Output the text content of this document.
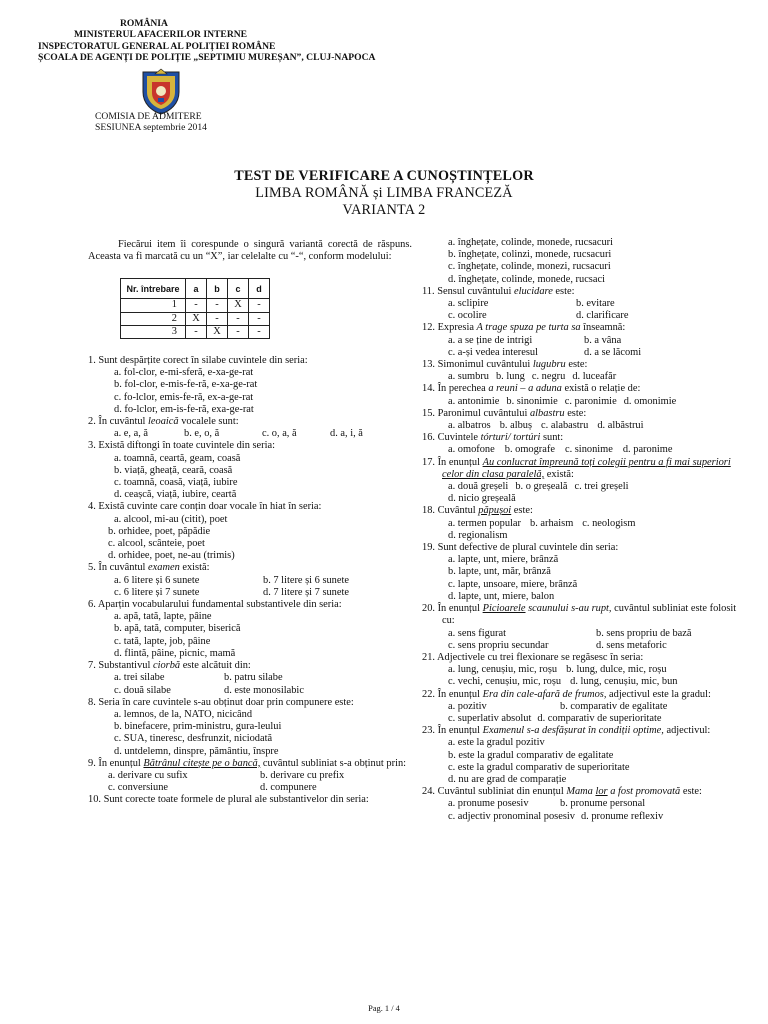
ROMÂNIA
MINISTERUL AFACERILOR INTERNE
INSPECTORATUL GENERAL AL POLIȚIEI ROMÂNE
ȘCOALA DE AGENȚI DE POLIȚIE „SEPTIMIU MUREȘAN”, CLUJ-NAPOCA
COMISIA DE ADMITERE
SESIUNEA septembrie 2014
TEST DE VERIFICARE A CUNOȘTINȚELOR
LIMBA ROMÂNĂ și LIMBA FRANCEZĂ
VARIANTA 2

Fiecărui item îi corespunde o singură variantă corectă de răspuns. Aceasta va fi marcată cu un “X”, iar celelalte cu “-“, conform modelului:

Nr. întrebare	a	b	c	d
1	-	-	X	-
2	X	-	-	-
3	-	X	-	-
1. Sunt despărțite corect în silabe cuvintele din seria:
a. fol-clor, e-mi-sferă, e-xa-ge-rat
b. fol-clor, e-mis-fe-ră, e-xa-ge-rat
c. fo-lclor, emis-fe-ră, ex-a-ge-rat
d. fo-lclor, em-is-fe-ră, exa-ge-rat
2. În cuvântul leoaică vocalele sunt:
a. e, a, ă	b. e, o, ă	c. o, a, ă	d. a, i, ă
3. Există diftongi în toate cuvintele din seria:
a. toamnă, ceartă, geam, coasă
b. viață, gheață, ceară, coasă
c. toamnă, coasă, viață, iubire
d. ceașcă, viață, iubire, ceartă
4. Există cuvinte care conțin doar vocale în hiat în seria:
a. alcool, mi-au (citit), poet
b. orhidee, poet, păpădie
c. alcool, scânteie, poet
d. orhidee, poet, ne-au (trimis)
5. În cuvântul examen există:
a. 6 litere și 6 sunete	b. 7 litere și 6 sunete
c. 6 litere și 7 sunete	d. 7 litere și 7 sunete
6. Aparțin vocabularului fundamental substantivele din seria:
a. apă, tată, lapte, pâine
b. apă, tată, computer, biserică
c. tată, lapte, job, pâine
d. flintă, pâine, picnic, mamă
7. Substantivul ciorbă este alcătuit din:
a. trei silabe	b. patru silabe
c. două silabe	d. este monosilabic
8. Seria în care cuvintele s-au obținut doar prin compunere este:
a. lemnos, de la, NATO, nicicând
b. binefacere, prim-ministru, gura-leului
c. SUA, tineresc, desfrunzit, niciodată
d. untdelemn, dinspre, pământiu, înspre
9. În enunțul Bătrânul citește pe o bancă, cuvântul subliniat s-a obținut prin:
a. derivare cu sufix	b. derivare cu prefix
c. conversiune	d. compunere
10. Sunt corecte toate formele de plural ale substantivelor din seria:
a. înghețate, colinde, monede, rucsacuri
b. înghețate, colinzi, monede, rucsacuri
c. înghețate, colinde, monezi, rucsacuri
d. înghețate, colinde, monede, rucsaci
11. Sensul cuvântului elucidare este:
a. sclipire	b. evitare
c. ocolire	d. clarificare
12. Expresia A trage spuza pe turta sa înseamnă:
a. a se ține de intrigi	b. a vâna
c. a-și vedea interesul	d. a se lăcomi
13. Simonimul cuvântului lugubru este:
a. sumbru b. lung c. negru d. luceafăr
14. În perechea a reuni – a aduna există o relație de:
a. antonimie b. sinonimie c. paronimie d. omonimie
15. Paronimul cuvântului albastru este:
a. albatros b. albuș c. alabastru d. albăstrui
16. Cuvintele tórturi/ tortúri sunt:
a. omofone b. omografe c. sinonime d. paronime
17. În enunțul Au conlucrat împreună toți colegii pentru a fi mai superiori celor din clasa paralelă, există:
a. două greșeli b. o greșeală c. trei greșeli
d. nicio greșeală
18. Cuvântul păpușoi este:
a. termen popular b. arhaism c. neologism
d. regionalism
19. Sunt defective de plural cuvintele din seria:
a. lapte, unt, miere, brânză
b. lapte, unt, măr, brânză
c. lapte, unsoare, miere, brânză
d. lapte, unt, miere, balon
20. În enunțul Picioarele scaunului s-au rupt, cuvântul subliniat este folosit cu:
a. sens figurat	b. sens propriu de bază
c. sens propriu secundar	d. sens metaforic
21. Adjectivele cu trei flexionare se regăsesc în seria:
a. lung, cenușiu, mic, roșu b. lung, dulce, mic, roșu
c. vechi, cenușiu, mic, roșu d. lung, cenușiu, mic, bun
22. În enunțul Era din cale-afară de frumos, adjectivul este la gradul:
a. pozitiv	b. comparativ de egalitate
c. superlativ absolut d. comparativ de superioritate
23. În enunțul Examenul s-a desfășurat în condiții optime, adjectivul:
a. este la gradul pozitiv
b. este la gradul comparativ de egalitate
c. este la gradul comparativ de superioritate
d. nu are grad de comparație
24. Cuvântul subliniat din enunțul Mama lor a fost promovată este:
a. pronume posesiv	b. pronume personal
c. adjectiv pronominal posesiv d. pronume reflexiv
Pag. 1 / 4
